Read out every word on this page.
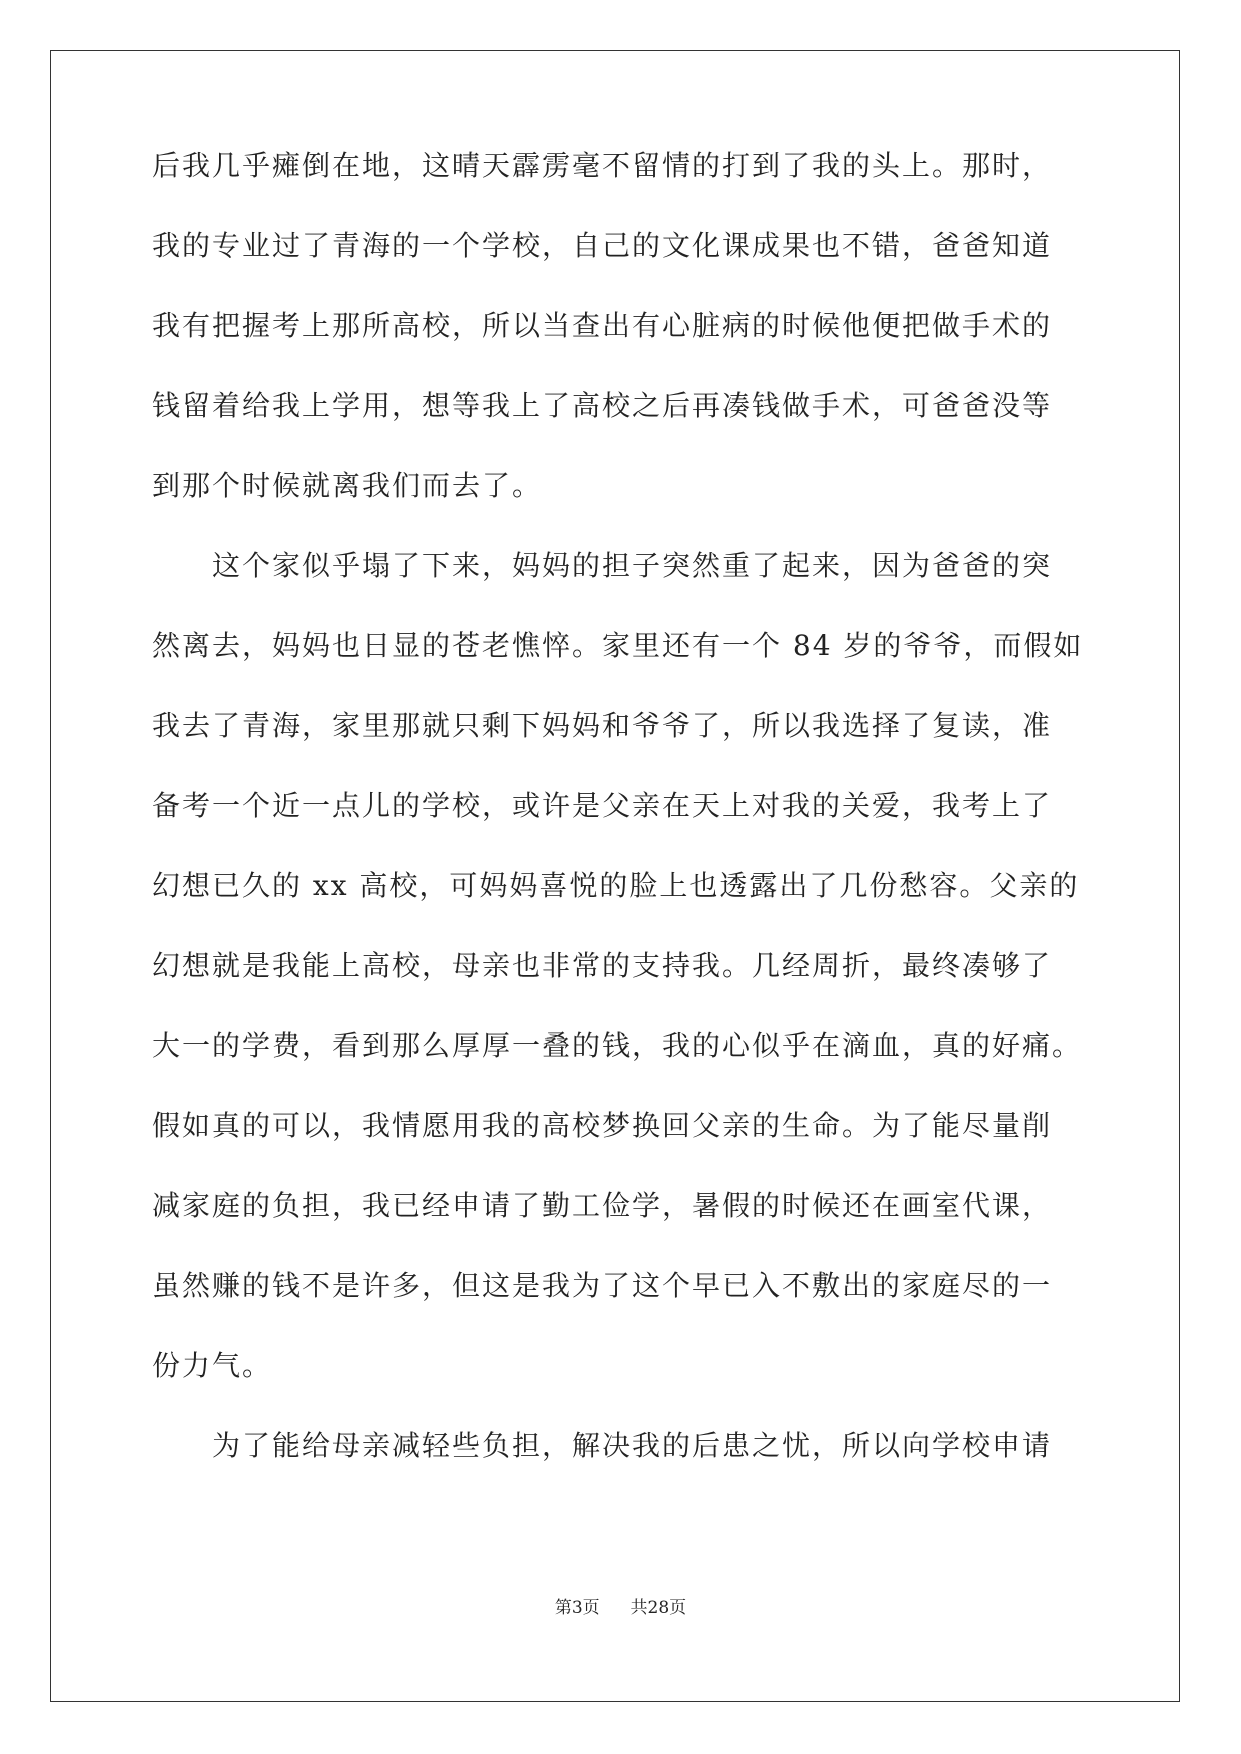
后我几乎瘫倒在地，这晴天霹雳毫不留情的打到了我的头上。那时，

我的专业过了青海的一个学校，自己的文化课成果也不错，爸爸知道

我有把握考上那所高校，所以当查出有心脏病的时候他便把做手术的

钱留着给我上学用，想等我上了高校之后再凑钱做手术，可爸爸没等

到那个时候就离我们而去了。

　　这个家似乎塌了下来，妈妈的担子突然重了起来，因为爸爸的突

然离去，妈妈也日显的苍老憔悴。家里还有一个 84 岁的爷爷，而假如

我去了青海，家里那就只剩下妈妈和爷爷了，所以我选择了复读，准

备考一个近一点儿的学校，或许是父亲在天上对我的关爱，我考上了

幻想已久的 xx 高校，可妈妈喜悦的脸上也透露出了几份愁容。父亲的

幻想就是我能上高校，母亲也非常的支持我。几经周折，最终凑够了

大一的学费，看到那么厚厚一叠的钱，我的心似乎在滴血，真的好痛。

假如真的可以，我情愿用我的高校梦换回父亲的生命。为了能尽量削

减家庭的负担，我已经申请了勤工俭学，暑假的时候还在画室代课，

虽然赚的钱不是许多，但这是我为了这个早已入不敷出的家庭尽的一

份力气。

　　为了能给母亲减轻些负担，解决我的后患之忧，所以向学校申请

第3页 共28页
